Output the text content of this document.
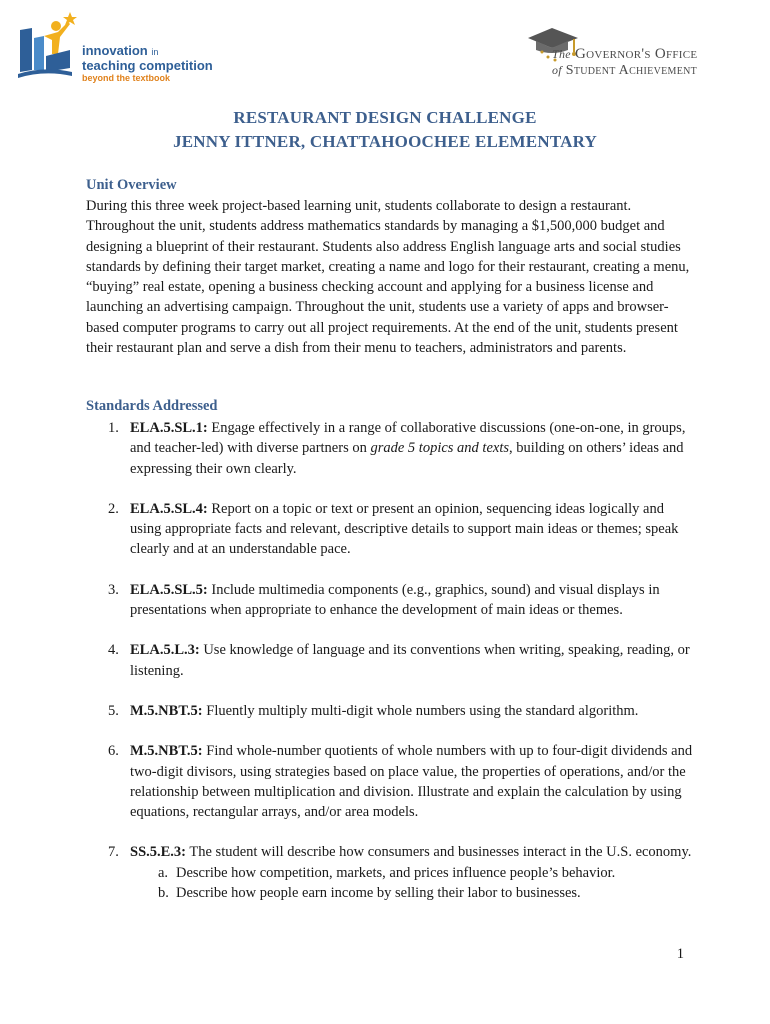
innovation in
teaching competition
beyond the textbook
The Governor's Office
of Student Achievement
RESTAURANT DESIGN CHALLENGE
JENNY ITTNER, CHATTAHOOCHEE ELEMENTARY
Unit Overview
During this three week project-based learning unit, students collaborate to design a restaurant. Throughout the unit, students address mathematics standards by managing a $1,500,000 budget and designing a blueprint of their restaurant. Students also address English language arts and social studies standards by defining their target market, creating a name and logo for their restaurant, creating a menu, “buying” real estate, opening a business checking account and applying for a business license and launching an advertising campaign. Throughout the unit, students use a variety of apps and browser-based computer programs to carry out all project requirements. At the end of the unit, students present their restaurant plan and serve a dish from their menu to teachers, administrators and parents.
Standards Addressed
1. ELA.5.SL.1: Engage effectively in a range of collaborative discussions (one-on-one, in groups, and teacher-led) with diverse partners on grade 5 topics and texts, building on others’ ideas and expressing their own clearly.
2. ELA.5.SL.4: Report on a topic or text or present an opinion, sequencing ideas logically and using appropriate facts and relevant, descriptive details to support main ideas or themes; speak clearly and at an understandable pace.
3. ELA.5.SL.5: Include multimedia components (e.g., graphics, sound) and visual displays in presentations when appropriate to enhance the development of main ideas or themes.
4. ELA.5.L.3: Use knowledge of language and its conventions when writing, speaking, reading, or listening.
5. M.5.NBT.5: Fluently multiply multi-digit whole numbers using the standard algorithm.
6. M.5.NBT.5: Find whole-number quotients of whole numbers with up to four-digit dividends and two-digit divisors, using strategies based on place value, the properties of operations, and/or the relationship between multiplication and division. Illustrate and explain the calculation by using equations, rectangular arrays, and/or area models.
7. SS.5.E.3: The student will describe how consumers and businesses interact in the U.S. economy.
a. Describe how competition, markets, and prices influence people’s behavior.
b. Describe how people earn income by selling their labor to businesses.
1
